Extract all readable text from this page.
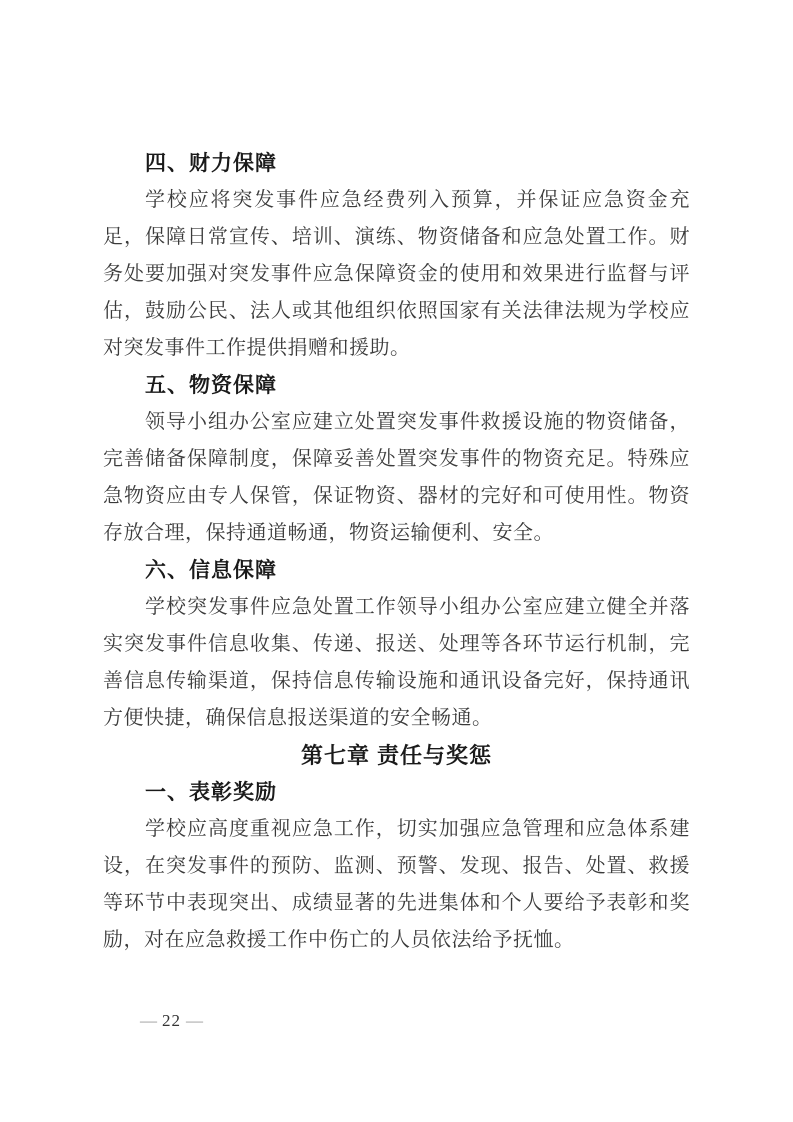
四、财力保障

学校应将突发事件应急经费列入预算，并保证应急资金充足，保障日常宣传、培训、演练、物资储备和应急处置工作。财务处要加强对突发事件应急保障资金的使用和效果进行监督与评估，鼓励公民、法人或其他组织依照国家有关法律法规为学校应对突发事件工作提供捐赠和援助。

五、物资保障

领导小组办公室应建立处置突发事件救援设施的物资储备，完善储备保障制度，保障妥善处置突发事件的物资充足。特殊应急物资应由专人保管，保证物资、器材的完好和可使用性。物资存放合理，保持通道畅通，物资运输便利、安全。

六、信息保障

学校突发事件应急处置工作领导小组办公室应建立健全并落实突发事件信息收集、传递、报送、处理等各环节运行机制，完善信息传输渠道，保持信息传输设施和通讯设备完好，保持通讯方便快捷，确保信息报送渠道的安全畅通。

第七章 责任与奖惩
一、表彰奖励

学校应高度重视应急工作，切实加强应急管理和应急体系建设，在突发事件的预防、监测、预警、发现、报告、处置、救援等环节中表现突出、成绩显著的先进集体和个人要给予表彰和奖励，对在应急救援工作中伤亡的人员依法给予抚恤。

— 22 —
